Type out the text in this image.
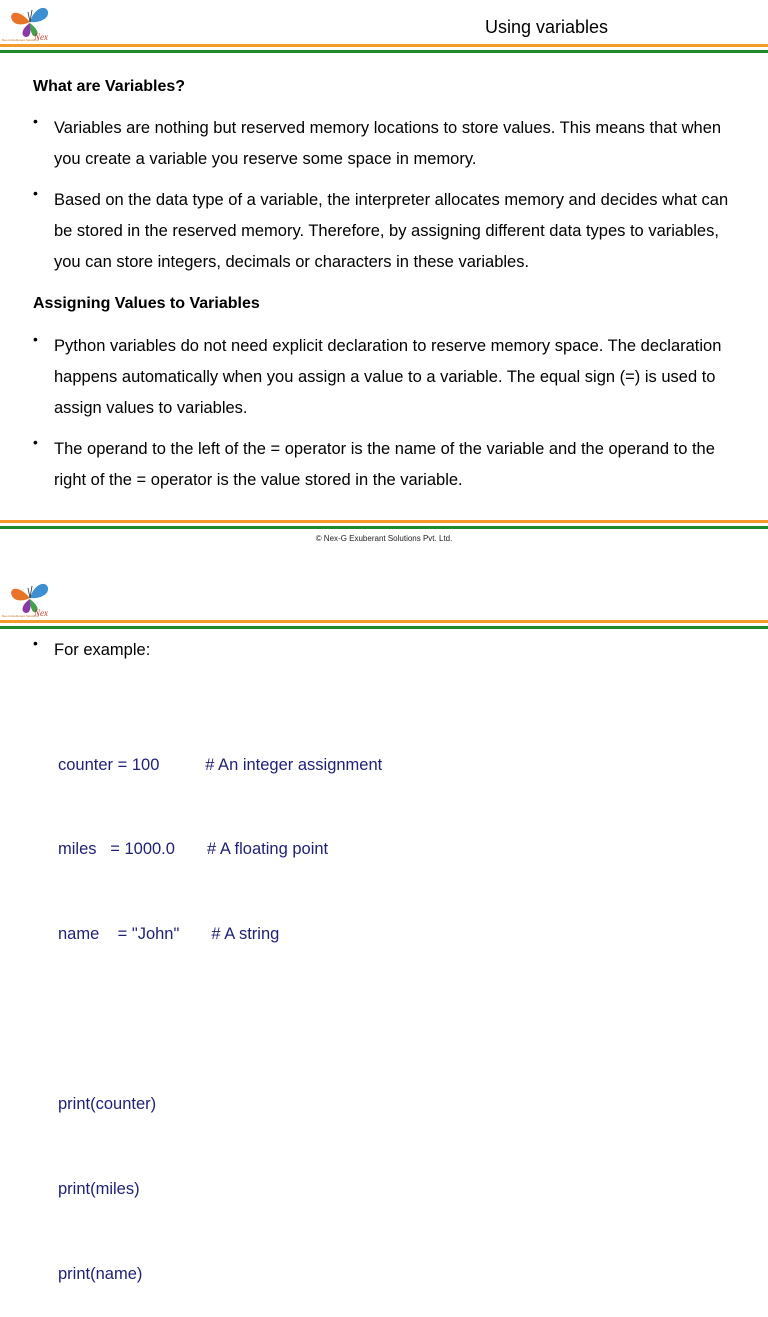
Nex
Nex-G Exuberant Solutions
Using variables
What are Variables?
• Variables are nothing but reserved memory locations to store values. This means that when you create a variable you reserve some space in memory.
• Based on the data type of a variable, the interpreter allocates memory and decides what can be stored in the reserved memory. Therefore, by assigning different data types to variables, you can store integers, decimals or characters in these variables.
Assigning Values to Variables
• Python variables do not need explicit declaration to reserve memory space. The declaration happens automatically when you assign a value to a variable. The equal sign (=) is used to assign values to variables.
• The operand to the left of the = operator is the name of the variable and the operand to the right of the = operator is the value stored in the variable.
© Nex-G Exuberant Solutions Pvt. Ltd.
Nex
Nex-G Exuberant Solutions
• For example:

counter = 100          # An integer assignment

miles   = 1000.0       # A floating point

name    = "John"       # A string

print(counter)

print(miles)

print(name)
